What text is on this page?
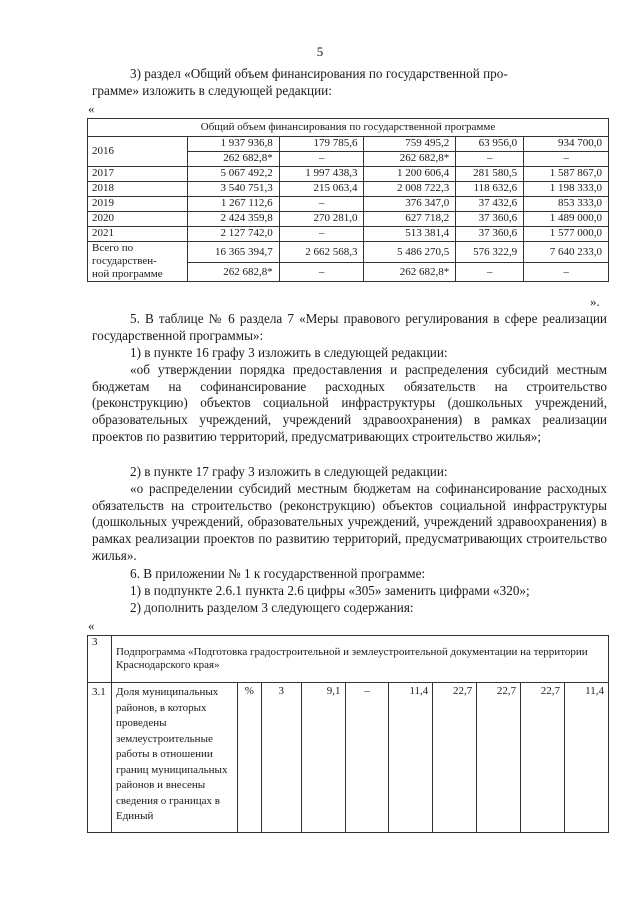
5

3) раздел «Общий объем финансирования по государственной про-

грамме» изложить в следующей редакции:

«
Общий объем финансирования по государственной программе					
2016	1 937 936,8	179 785,6	759 495,2	63 956,0	934 700,0
	262 682,8*	–	262 682,8*	–	–
2017	5 067 492,2	1 997 438,3	1 200 606,4	281 580,5	1 587 867,0
2018	3 540 751,3	215 063,4	2 008 722,3	118 632,6	1 198 333,0
2019	1 267 112,6	–	376 347,0	37 432,6	853 333,0
2020	2 424 359,8	270 281,0	627 718,2	37 360,6	1 489 000,0
2021	2 127 742,0	–	513 381,4	37 360,6	1 577 000,0

Всего по
государствен-
ной программе	16 365 394,7	2 662 568,3	5 486 270,5	576 322,9	7 640 233,0
	262 682,8*	–	262 682,8*	–	–
».

5. В таблице № 6 раздела 7 «Меры правового регулирования в сфере реализации государственной программы»:

1) в пункте 16 графу 3 изложить в следующей редакции:

«об утверждении порядка предоставления и распределения субсидий местным бюджетам на софинансирование расходных обязательств на строительство (реконструкцию) объектов социальной инфраструктуры (дошкольных учреждений, образовательных учреждений, учреждений здравоохранения) в рамках реализации проектов по развитию территорий, предусматривающих строительство жилья»;

2) в пункте 17 графу 3 изложить в следующей редакции:

«о распределении субсидий местным бюджетам на софинансирование расходных обязательств на строительство (реконструкцию) объектов социальной инфраструктуры (дошкольных учреждений, образовательных учреждений, учреждений здравоохранения) в рамках реализации проектов по развитию территорий, предусматривающих строительство жилья».

6. В приложении № 1 к государственной программе:

1) в подпункте 2.6.1 пункта 2.6 цифры «305» заменить цифрами «320»;

2) дополнить разделом 3 следующего содержания:

«
3	Подпрограмма «Подготовка градостроительной и землеустроительной документации на территории Краснодарского края»									
3.1	Доля муниципальных районов, в которых проведены землеустроительные работы в отношении границ муниципальных районов и внесены сведения о границах в Единый	%	3	9,1	–	11,4	22,7	22,7	22,7	11,4
